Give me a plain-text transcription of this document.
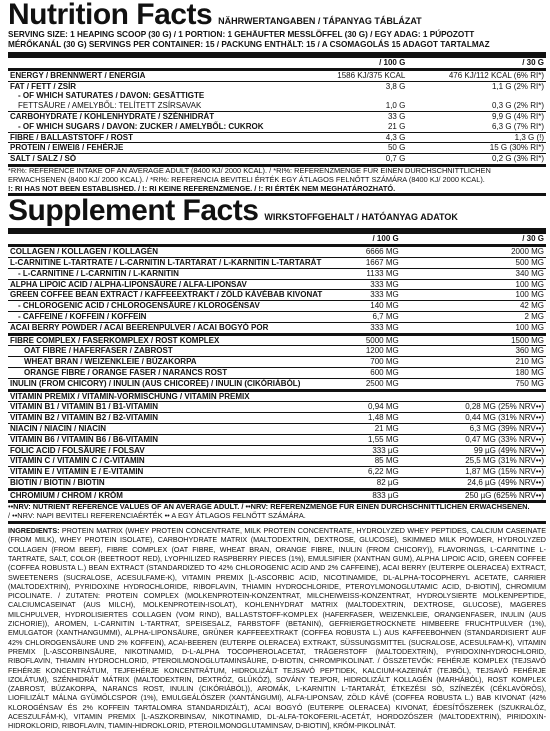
Nutrition Facts NÄHRWERTANGABEN / TÁPANYAG TÁBLÁZAT
SERVING SIZE: 1 HEAPING SCOOP (30 G) / 1 PORTION: 1 GEHÄUFTER MESSLÖFFEL (30 G) / EGY ADAG: 1 PÚPOZOTT
MÉRŐKANÁL (30 G) SERVINGS PER CONTAINER: 15 / PACKUNG ENTHÄLT: 15 / A CSOMAGOLÁS 15 ADAGOT TARTALMAZ
	/ 100 G	/ 30 G
ENERGY / BRENNWERT / ENERGIA	1586 KJ/375 KCAL	476 KJ/112 KCAL (6% RI*)
FAT / FETT / ZSÍR	3,8 G	1,1 G (2% RI*)
- OF WHICH SATURATES / DAVON: GESÄTTIGTE		
FETTSÄURE / AMELYBŐL: TELÍTETT ZSÍRSAVAK	1,0 G	0,3 G (2% RI*)
CARBOHYDRATE / KOHLENHYDRATE / SZÉNHIDRÁT	33 G	9,9 G (4% RI*)
- OF WHICH SUGARS / DAVON: ZUCKER / AMELYBŐL: CUKROK	21 G	6,3 G (7% RI*)
FIBRE / BALLASTSTOFF / ROST	4,3 G	1,3 G (!)
PROTEIN / EIWEIß / FEHÉRJE	50 G	15 G (30% RI*)
SALT / SALZ / SÓ	0,7 G	0,2 G (3% RI*)
*RI%: REFERENCE INTAKE OF AN AVERAGE ADULT (8400 KJ/ 2000 KCAL). / *RI%: REFERENZMENGE FÜR EINEN DURCHSCHNITTLICHEN ERWACHSENEN (8400 KJ/ 2000 KCAL). / *RI%: REFERENCIA BEVITELI ÉRTÉK EGY ÁTLAGOS FELNŐTT SZÁMÁRA (8400 KJ/ 2000 KCAL).
!: RI HAS NOT BEEN ESTABLISHED. / !: RI KEINE REFERENZMENGE. / !: RI ÉRTÉK NEM MEGHATÁROZHATÓ.
Supplement Facts WIRKSTOFFGEHALT / HATÓANYAG ADATOK
	/ 100 G	/ 30 G
COLLAGEN / KOLLAGEN / KOLLAGÉN	6666 MG	2000 MG
L-CARNITINE L-TARTRATE / L-CARNITIN L-TARTARAT / L-KARNITIN L-TARTARÁT	1667 MG	500 MG
- L-CARNITINE / L-CARNITIN / L-KARNITIN	1133 MG	340 MG
ALPHA LIPOIC ACID / ALPHA-LIPONSÄURE / ALFA-LIPONSAV	333 MG	100 MG
GREEN COFFEE BEAN EXTRACT / KAFFEEEXTRAKT / ZÖLD KÁVÉBAB KIVONAT	333 MG	100 MG
- CHLOROGENIC ACID / CHLOROGENSÄURE / KLOROGÉNSAV	140 MG	42 MG
- CAFFEINE / KOFFEIN / KOFFEIN	6,7 MG	2 MG
ACAI BERRY POWDER / ACAI BEERENPULVER / ACAI BOGYÓ POR	333 MG	100 MG
FIBRE COMPLEX / FASERKOMPLEX / ROST KOMPLEX	5000 MG	1500 MG
OAT FIBRE / HAFERFASER / ZABROST	1200 MG	360 MG
WHEAT BRAN / WEIZENKLEIE / BÚZAKORPA	700 MG	210 MG
ORANGE FIBRE / ORANGE FASER / NARANCS ROST	600 MG	180 MG
INULIN (FROM CHICORY) / INULIN (AUS CHICORÉE) / INULIN (CIKÓRIÁBÓL)	2500 MG	750 MG
VITAMIN PREMIX / VITAMIN-VORMISCHUNG / VITAMIN PREMIX		
VITAMIN B1 / VITAMIN B1 / B1-VITAMIN	0,94 MG	0,28 MG (25% NRV••)
VITAMIN B2 / VITAMIN B2 / B2-VITAMIN	1,48 MG	0,44 MG (31% NRV••)
NIACIN / NIACIN / NIACIN	21 MG	6,3 MG (39% NRV••)
VITAMIN B6 / VITAMIN B6 / B6-VITAMIN	1,55 MG	0,47 MG (33% NRV••)
FOLIC ACID / FOLSÄURE / FOLSAV	333 µG	99 µG (49% NRV••)
VITAMIN C / VITAMIN C / C-VITAMIN	85 MG	25,5 MG (31% NRV••)
VITAMIN E / VITAMIN E / E-VITAMIN	6,22 MG	1,87 MG (15% NRV••)
BIOTIN / BIOTIN / BIOTIN	82 µG	24,6 µG (49% NRV••)
CHROMIUM / CHROM / KRÓM	833 µG	250 µG (625% NRV••)
••NRV: NUTRIENT REFERENCE VALUES OF AN AVERAGE ADULT. / ••NRV: REFERENZMENGE FÜR EINEN DURCHSCHNITTLICHEN ERWACHSENEN.
/ ••NRV: NAPI BEVITELI REFERENCIAÉRTÉK •• A EGY ÁTLAGOS FELNŐTT SZÁMÁRA.
INGREDIENTS: PROTEIN MATRIX (WHEY PROTEIN CONCENTRATE, MILK PROTEIN CONCENTRATE, HYDROLYZED WHEY PEPTIDES, CALCIUM CASEINATE (FROM MILK), WHEY PROTEIN ISOLATE), CARBOHYDRATE MATRIX (MALTODEXTRIN, DEXTROSE, GLUCOSE), SKIMMED MILK POWDER, HYDROLYZED COLLAGEN (FROM BEEF), FIBRE COMPLEX (OAT FIBRE, WHEAT BRAN, ORANGE FIBRE, INULIN (FROM CHICORY)), FLAVORINGS, L-CARNITINE L-TARTRATE, SALT, COLOR (BEETROOT RED), LYOPHILIZED RASPBERRY PIECES (1%), EMULSIFIER (XANTHAN GUM), ALPHA LIPOIC ACID, GREEN COFFEE (COFFEA ROBUSTA L.) BEAN EXTRACT (STANDARDIZED TO 42% CHLOROGENIC ACID AND 2% CAFFEINE), ACAI BERRY (EUTERPE OLERACEA) EXTRACT, SWEETENERS (SUCRALOSE, ACESULFAME-K), VITAMIN PREMIX [L-ASCORBIC ACID, NICOTINAMIDE, DL-ALPHA-TOCOPHERYL ACETATE, CARRIER (MALTODEXTRIN), PYRIDOXINE HYDROCHLORIDE, RIBOFLAVIN, THIAMIN HYDROCHLORIDE, PTEROYLMONOGLUTAMIC ACID, D-BIOTIN], CHROMIUM PICOLINATE. / ZUTATEN: PROTEIN COMPLEX (MOLKENPROTEIN-KONZENTRAT, MILCHEIWEISS-KONZENTRAT, HYDROLYSIERTE MOLKENPEPTIDE, CALCIUMCASEINAT (AUS MILCH), MOLKENPROTEIN-ISOLAT), KOHLENHYDRAT MATRIX (MALTODEXTRIN, DEXTROSE, GLUCOSE), MAGERES MILCHPULVER, HYDROLISIERTES COLLAGEN (VOM RIND), BALLASTSTOFF-KOMPLEX (HAFERFASER, WEIZENKLEIE, ORANGENFASER, INULIN (AUS ZICHORIE)), AROMEN, L-CARNITIN L-TARTRAT, SPEISESALZ, FARBSTOFF (BETANIN), GEFRIERGETROCKNETE HIMBEERE FRUCHTPULVER (1%), EMULGATOR (XANTHANGUMMI), ALPHA-LIPONSÄURE, GRÜNER KAFFEEEXTRAKT (COFFEA ROBUSTA L.) AUS KAFFEEBOHNEN (STANDARDISIERT AUF 42% CHLOROGENSÄURE UND 2% KOFFEIN), ACAI-BEEREN (EUTERPE OLERACEA) EXTRAKT, SÜSSUNGSMITTEL (SUCRALOSE, ACESULFAM-K), VITAMIN PREMIX [L-ASCORBINSÄURE, NIKOTINAMID, D-L-ALPHA TOCOPHEROLACETAT, TRÄGERSTOFF (MALTODEXTRIN), PYRIDOXINHYDROCHLORID, RIBOFLAVIN, THIAMIN HYDROCHLORID, PTEROILMONOGLUTAMINSÄURE, D-BIOTIN, CHROMPIKOLINAT. / ÖSSZETEVŐK: FEHÉRJE KOMPLEX (TEJSAVÓ FEHÉRJE KONCENTRÁTUM, TEJFEHÉRJE KONCENTRÁTUM, HIDROLIZÁLT TEJSAVÓ PEPTIDEK, KALCIUM-KAZEINÁT (TEJBŐL), TEJSAVÓ FEHÉRJE IZOLÁTUM), SZÉNHIDRÁT MÁTRIX (MALTODEXTRIN, DEXTRÓZ, GLÜKÓZ), SOVÁNY TEJPOR, HIDROLIZÁLT KOLLAGÉN (MARHÁBÓL), ROST KOMPLEX (ZABROST, BÚZAKORPA, NARANCS ROST, INULIN (CIKÓRIÁBÓL)), AROMÁK, L-KARNITIN L-TARTARÁT, ÉTKEZÉSI SÓ, SZÍNEZÉK (CÉKLAVÖRÖS), LIOFILIZÁLT MÁLNA GYÜMÖLCSPOR (1%), EMULGEÁLÓSZER (XANTÁNGUMI), ALFA-LIPONSAV, ZÖLD KÁVÉ (COFFEA ROBUSTA L.) BAB KIVONAT (42% KLOROGÉNSAV ÉS 2% KOFFEIN TARTALOMRA STANDARDIZÁLT), ACAI BOGYÓ (EUTERPE OLERACEA) KIVONAT, ÉDESÍTŐSZEREK (SZUKRALÓZ, ACESZULFÁM-K), VITAMIN PREMIX [L-ASZKORBINSAV, NIKOTINAMID, DL-ALFA-TOKOFERIL-ACETÁT, HORDOZÓSZER (MALTODEXTRIN), PIRIDOXIN-HIDROKLORID, RIBOFLAVIN, TIAMIN-HIDROKLORID, PTEROILMONOGLUTAMINSAV, D-BIOTIN], KRÓM-PIKOLINÁT.
